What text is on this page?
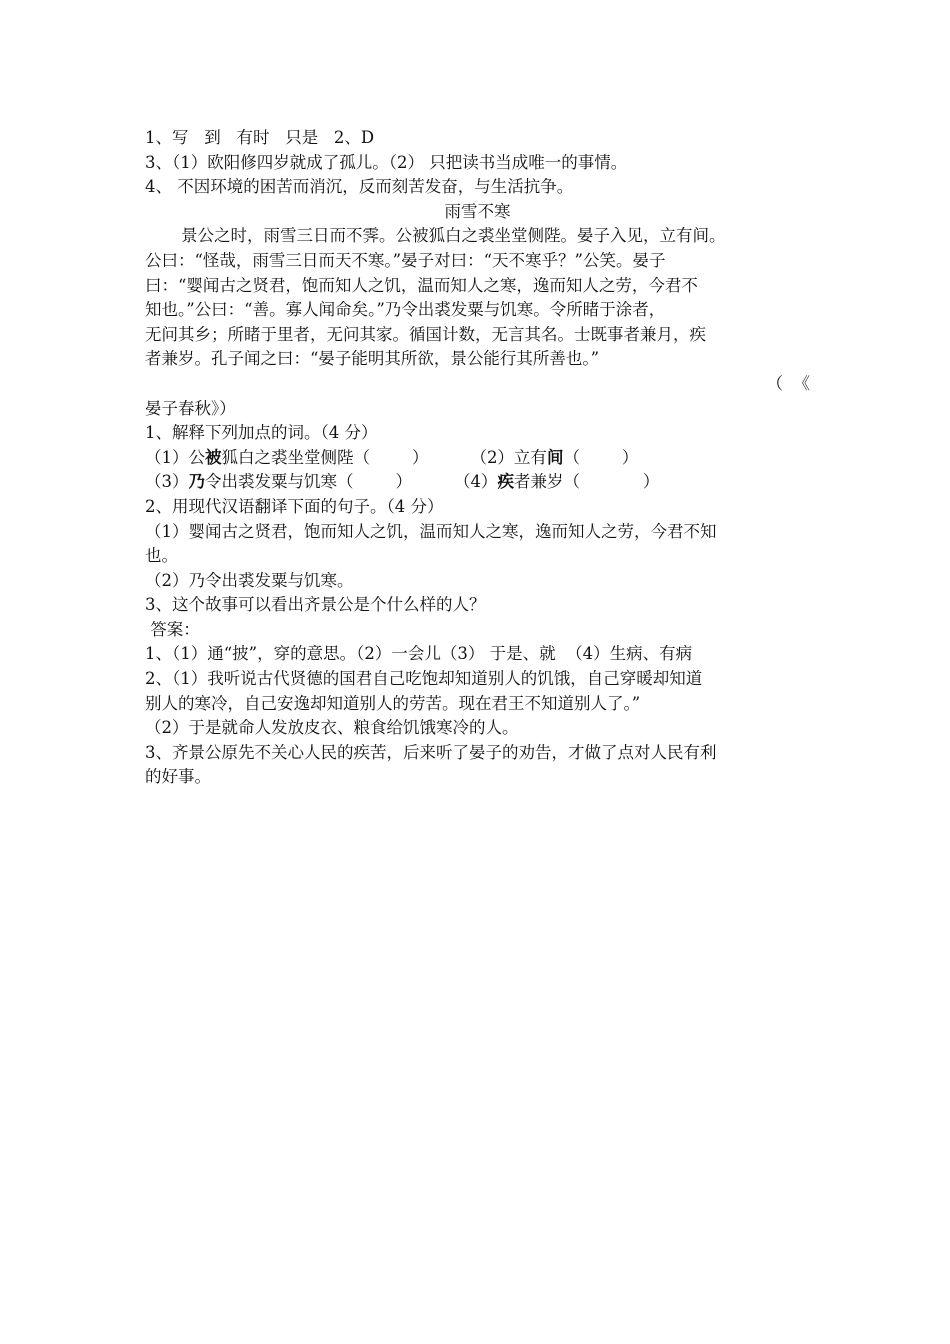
1、写   到   有时   只是   2、D
3、（1）欧阳修四岁就成了孤儿。（2） 只把读书当成唯一的事情。
4、 不因环境的困苦而消沉，反而刻苦发奋，与生活抗争。
雨雪不寒
景公之时，雨雪三日而不霁。公被狐白之裘坐堂侧陛。晏子入见，立有间。
公曰：“怪哉，雨雪三日而天不寒。”晏子对曰：“天不寒乎？”公笑。晏子
曰：“婴闻古之贤君，饱而知人之饥，温而知人之寒，逸而知人之劳，今君不
知也。”公曰：“善。寡人闻命矣。”乃令出裘发粟与饥寒。令所睹于涂者，
无问其乡；所睹于里者，无问其家。循国计数，无言其名。士既事者兼月，疾
者兼岁。孔子闻之曰：“晏子能明其所欲，景公能行其所善也。”
（  《
晏子春秋》）
1、解释下列加点的词。（4 分）
（1）公被狐白之裘坐堂侧陛（        ）	（2）立有间（        ）
（3）乃令出裘发粟与饥寒（        ）	（4）疾者兼岁（            ）
2、用现代汉语翻译下面的句子。（4 分）
（1）婴闻古之贤君，饱而知人之饥，温而知人之寒，逸而知人之劳，今君不知
也。
（2）乃令出裘发粟与饥寒。
3、这个故事可以看出齐景公是个什么样的人？
答案：
1、（1）通“披”，穿的意思。（2）一会儿（3） 于是、就  （4）生病、有病
2、（1）我听说古代贤德的国君自己吃饱却知道别人的饥饿，自己穿暖却知道
别人的寒冷，自己安逸却知道别人的劳苦。现在君王不知道别人了。”
（2）于是就命人发放皮衣、粮食给饥饿寒冷的人。
3、齐景公原先不关心人民的疾苦，后来听了晏子的劝告，才做了点对人民有利
的好事。
